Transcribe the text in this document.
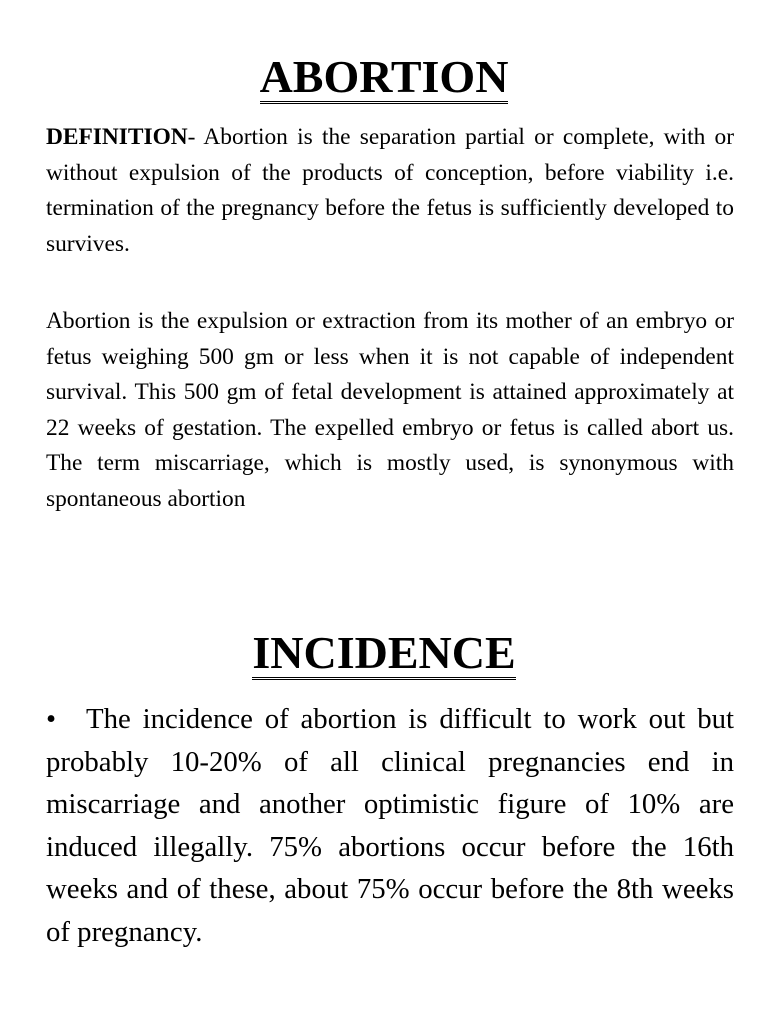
ABORTION

DEFINITION- Abortion is the separation partial or complete, with or without expulsion of the products of conception, before viability i.e. termination of the pregnancy before the fetus is sufficiently developed to survives.

Abortion is the expulsion or extraction from its mother of an embryo or fetus weighing 500 gm or less when it is not capable of independent survival. This 500 gm of fetal development is attained approximately at 22 weeks of gestation. The expelled embryo or fetus is called abort us. The term miscarriage, which is mostly used, is synonymous with spontaneous abortion

INCIDENCE

• The incidence of abortion is difficult to work out but probably 10-20% of all clinical pregnancies end in miscarriage and another optimistic figure of 10% are induced illegally. 75% abortions occur before the 16th weeks and of these, about 75% occur before the 8th weeks of pregnancy.
